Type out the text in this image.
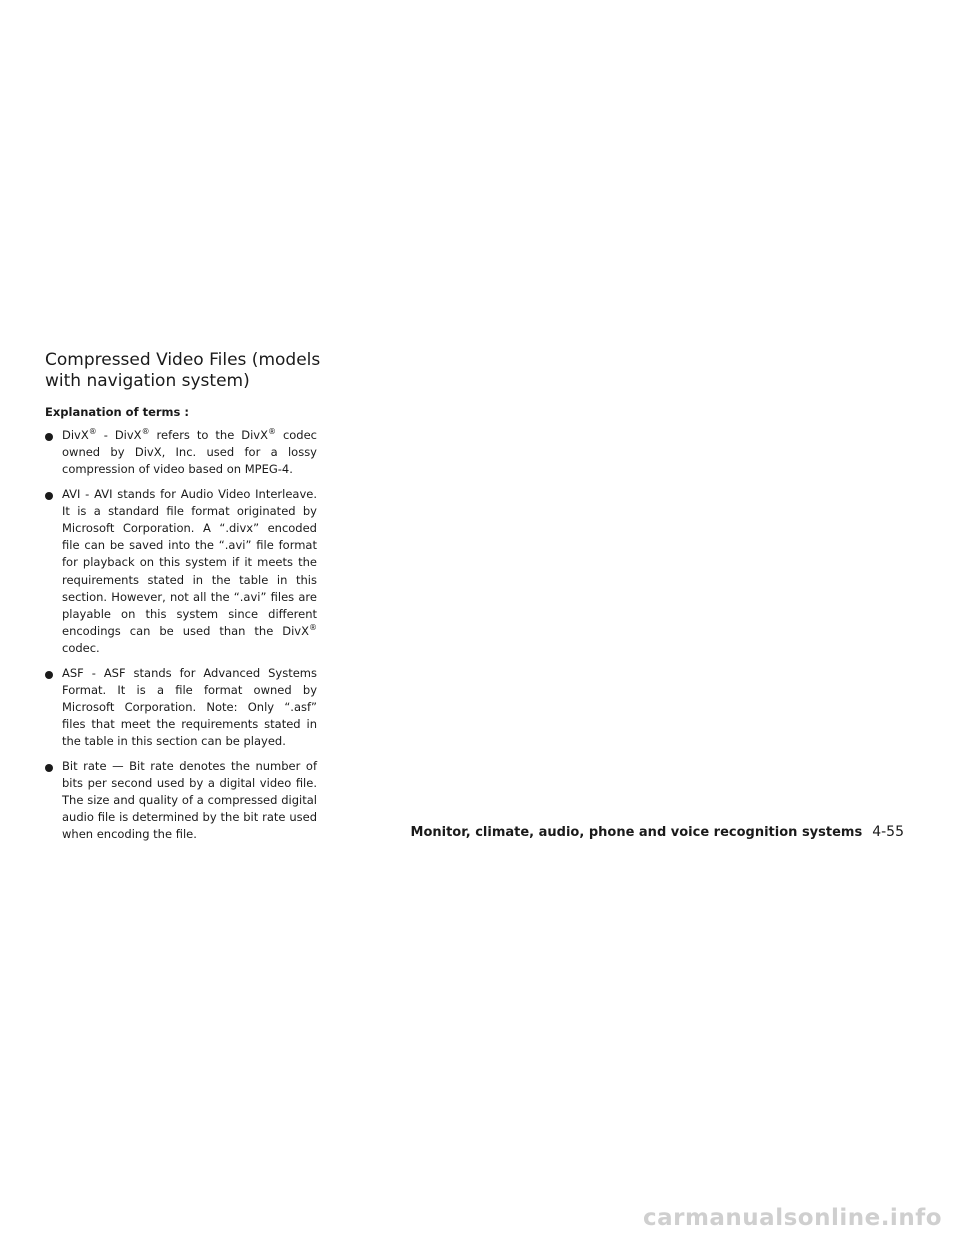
Compressed Video Files (models with navigation system)

Explanation of terms :

DivX® - DivX® refers to the DivX® codec owned by DivX, Inc. used for a lossy compression of video based on MPEG-4.
AVI - AVI stands for Audio Video Interleave. It is a standard file format originated by Microsoft Corporation. A “.divx” encoded file can be saved into the “.avi” file format for playback on this system if it meets the requirements stated in the table in this section. However, not all the “.avi” files are playable on this system since different encodings can be used than the DivX® codec.
ASF - ASF stands for Advanced Systems Format. It is a file format owned by Microsoft Corporation. Note: Only “.asf” files that meet the requirements stated in the table in this section can be played.
Bit rate — Bit rate denotes the number of bits per second used by a digital video file. The size and quality of a compressed digital audio file is determined by the bit rate used when encoding the file.	Monitor, climate, audio, phone and voice recognition systems 4-55
carmanualsonline.info
